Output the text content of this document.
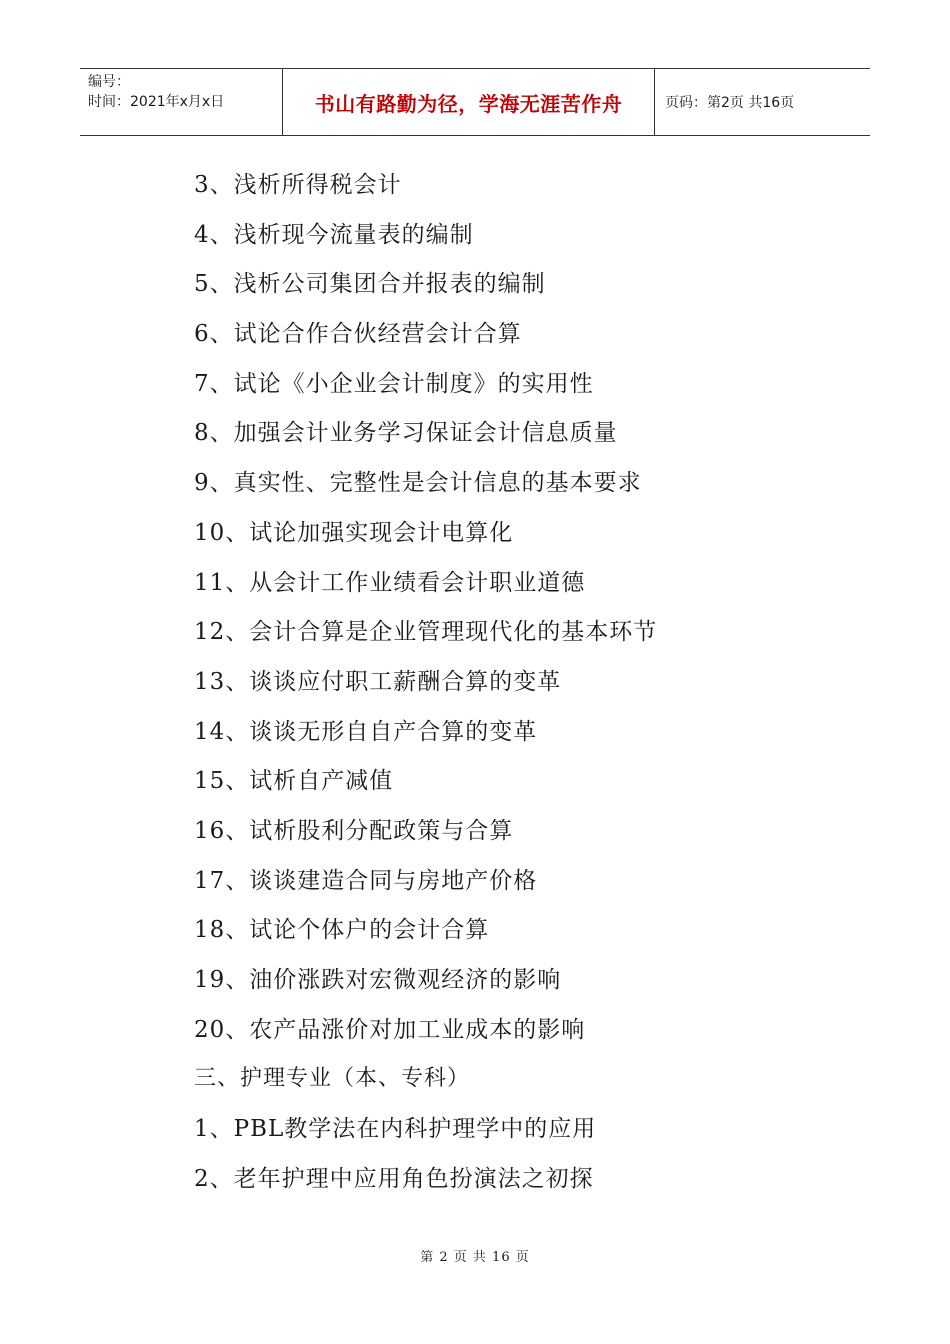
编号：
时间：2021年x月x日	书山有路勤为径，学海无涯苦作舟	页码：第2页 共16页
3、浅析所得税会计
4、浅析现今流量表的编制
5、浅析公司集团合并报表的编制
6、试论合作合伙经营会计合算
7、试论《小企业会计制度》的实用性
8、加强会计业务学习保证会计信息质量
9、真实性、完整性是会计信息的基本要求
10、试论加强实现会计电算化
11、从会计工作业绩看会计职业道德
12、会计合算是企业管理现代化的基本环节
13、谈谈应付职工薪酬合算的变革
14、谈谈无形自自产合算的变革
15、试析自产减值
16、试析股利分配政策与合算
17、谈谈建造合同与房地产价格
18、试论个体户的会计合算
19、油价涨跌对宏微观经济的影响
20、农产品涨价对加工业成本的影响
三、护理专业（本、专科）
1、PBL教学法在内科护理学中的应用
2、老年护理中应用角色扮演法之初探
第 2 页 共 16 页
